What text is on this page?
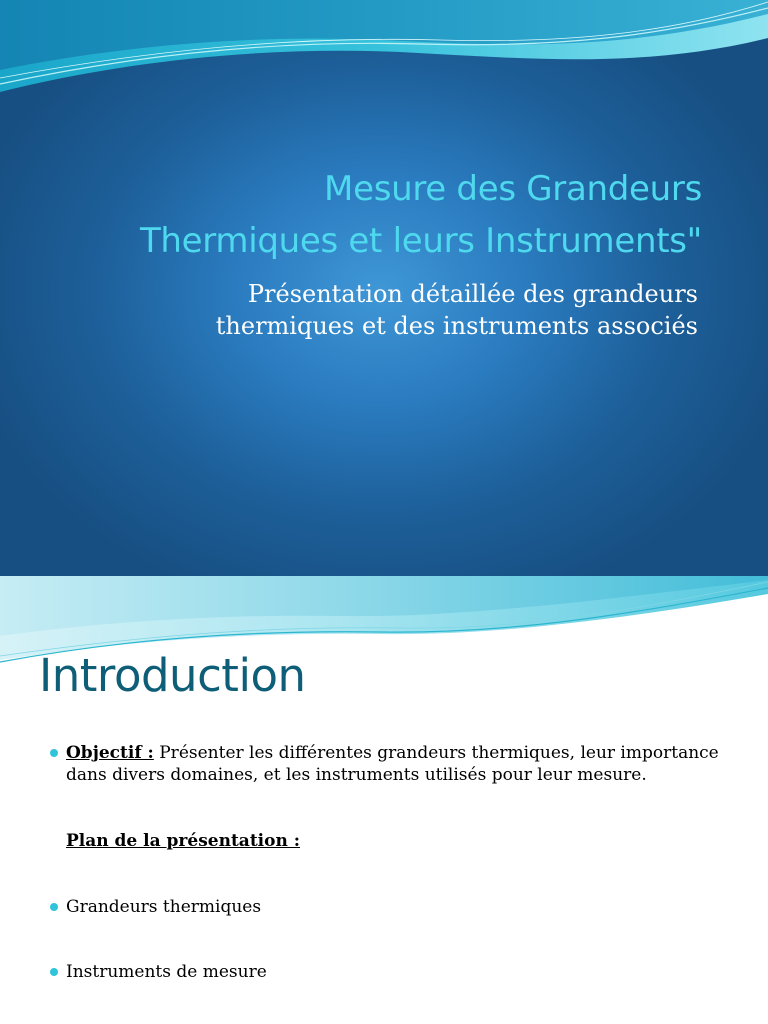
Mesure des Grandeurs
Thermiques et leurs Instruments"
Présentation détaillée des grandeurs
thermiques et des instruments associés
Introduction
Objectif : Présenter les différentes grandeurs thermiques, leur importance dans divers domaines, et les instruments utilisés pour leur mesure.
Plan de la présentation :
Grandeurs thermiques
Instruments de mesure
